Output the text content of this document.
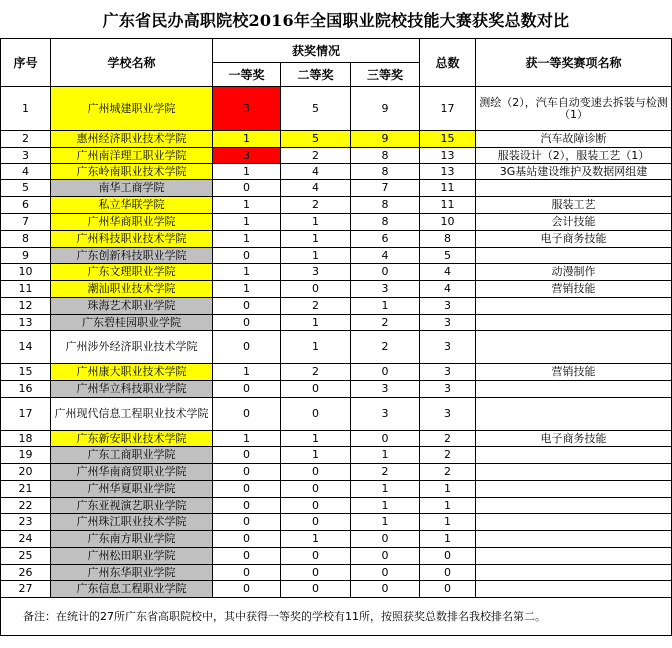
广东省民办高职院校2016年全国职业院校技能大赛获奖总数对比
序号	学校名称	获奖情况			总数	获一等奖赛项名称
		一等奖	二等奖	三等奖		
1	广州城建职业学院	3	5	9	17	测绘（2），汽车自动变速去拆装与检测（1）
2	惠州经济职业技术学院	1	5	9	15	汽车故障诊断
3	广州南洋理工职业学院	3	2	8	13	服装设计（2），服装工艺（1）
4	广东岭南职业技术学院	1	4	8	13	3G基站建设维护及数据网组建
5	南华工商学院	0	4	7	11	
6	私立华联学院	1	2	8	11	服装工艺
7	广州华商职业学院	1	1	8	10	会计技能
8	广州科技职业技术学院	1	1	6	8	电子商务技能
9	广东创新科技职业学院	0	1	4	5	
10	广东文理职业学院	1	3	0	4	动漫制作
11	潮汕职业技术学院	1	0	3	4	营销技能
12	珠海艺术职业学院	0	2	1	3	
13	广东碧桂园职业学院	0	1	2	3	
14	广州涉外经济职业技术学院	0	1	2	3	
15	广州康大职业技术学院	1	2	0	3	营销技能
16	广州华立科技职业学院	0	0	3	3	
17	广州现代信息工程职业技术学院	0	0	3	3	
18	广东新安职业技术学院	1	1	0	2	电子商务技能
19	广东工商职业学院	0	1	1	2	
20	广州华南商贸职业学院	0	0	2	2	
21	广州华夏职业学院	0	0	1	1	
22	广东亚视演艺职业学院	0	0	1	1	
23	广州珠江职业技术学院	0	0	1	1	
24	广东南方职业学院	0	1	0	1	
25	广州松田职业学院	0	0	0	0	
26	广州东华职业学院	0	0	0	0	
27	广东信息工程职业学院	0	0	0	0	
备注：在统计的27所广东省高职院校中，其中获得一等奖的学校有11所，按照获奖总数排名我校排名第二。						
